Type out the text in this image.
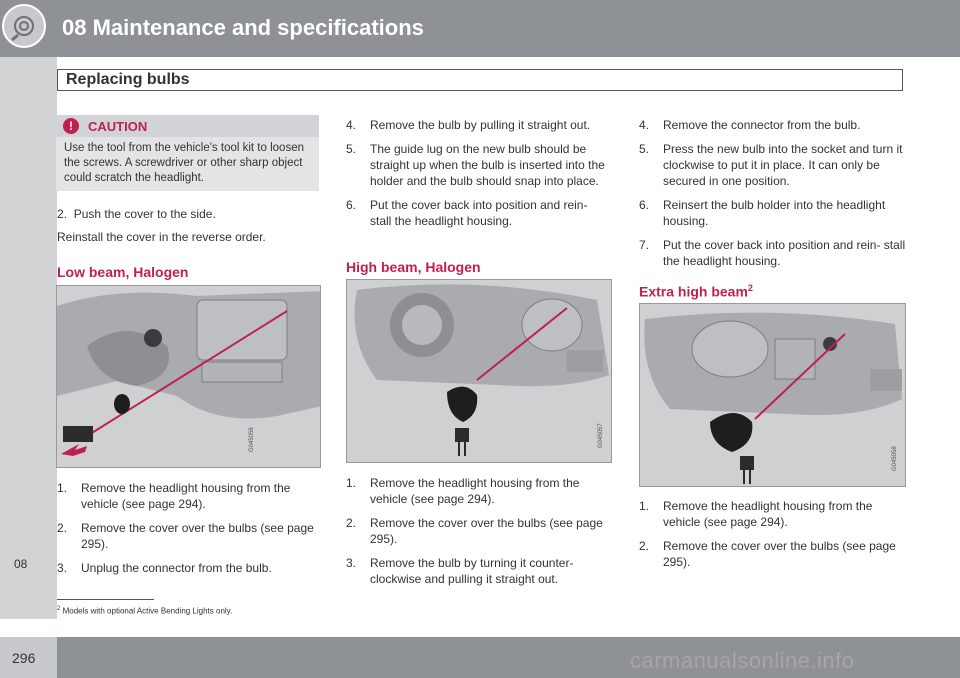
08 Maintenance and specifications
Replacing bulbs
08
!	CAUTION
Use the tool from the vehicle's tool kit to loosen the screws. A screwdriver or other sharp object could scratch the headlight.
2. Push the cover to the side.
Reinstall the cover in the reverse order.
Low beam, Halogen
G045056
1. Remove the headlight housing from the vehicle (see page 294).
2. Remove the cover over the bulbs (see page 295).
3. Unplug the connector from the bulb.
4. Remove the bulb by pulling it straight out.
5. The guide lug on the new bulb should be straight up when the bulb is inserted into the holder and the bulb should snap into place.
6. Put the cover back into position and rein- stall the headlight housing.
High beam, Halogen
G045057
1. Remove the headlight housing from the vehicle (see page 294).
2. Remove the cover over the bulbs (see page 295).
3. Remove the bulb by turning it counter- clockwise and pulling it straight out.
4. Remove the connector from the bulb.
5. Press the new bulb into the socket and turn it clockwise to put it in place. It can only be secured in one position.
6. Reinsert the bulb holder into the headlight housing.
7. Put the cover back into position and rein- stall the headlight housing.
Extra high beam$^2$
G045058
1. Remove the headlight housing from the vehicle (see page 294).
2. Remove the cover over the bulbs (see page 295).
$^2$ Models with optional Active Bending Lights only.
296	carmanualsonline.info
